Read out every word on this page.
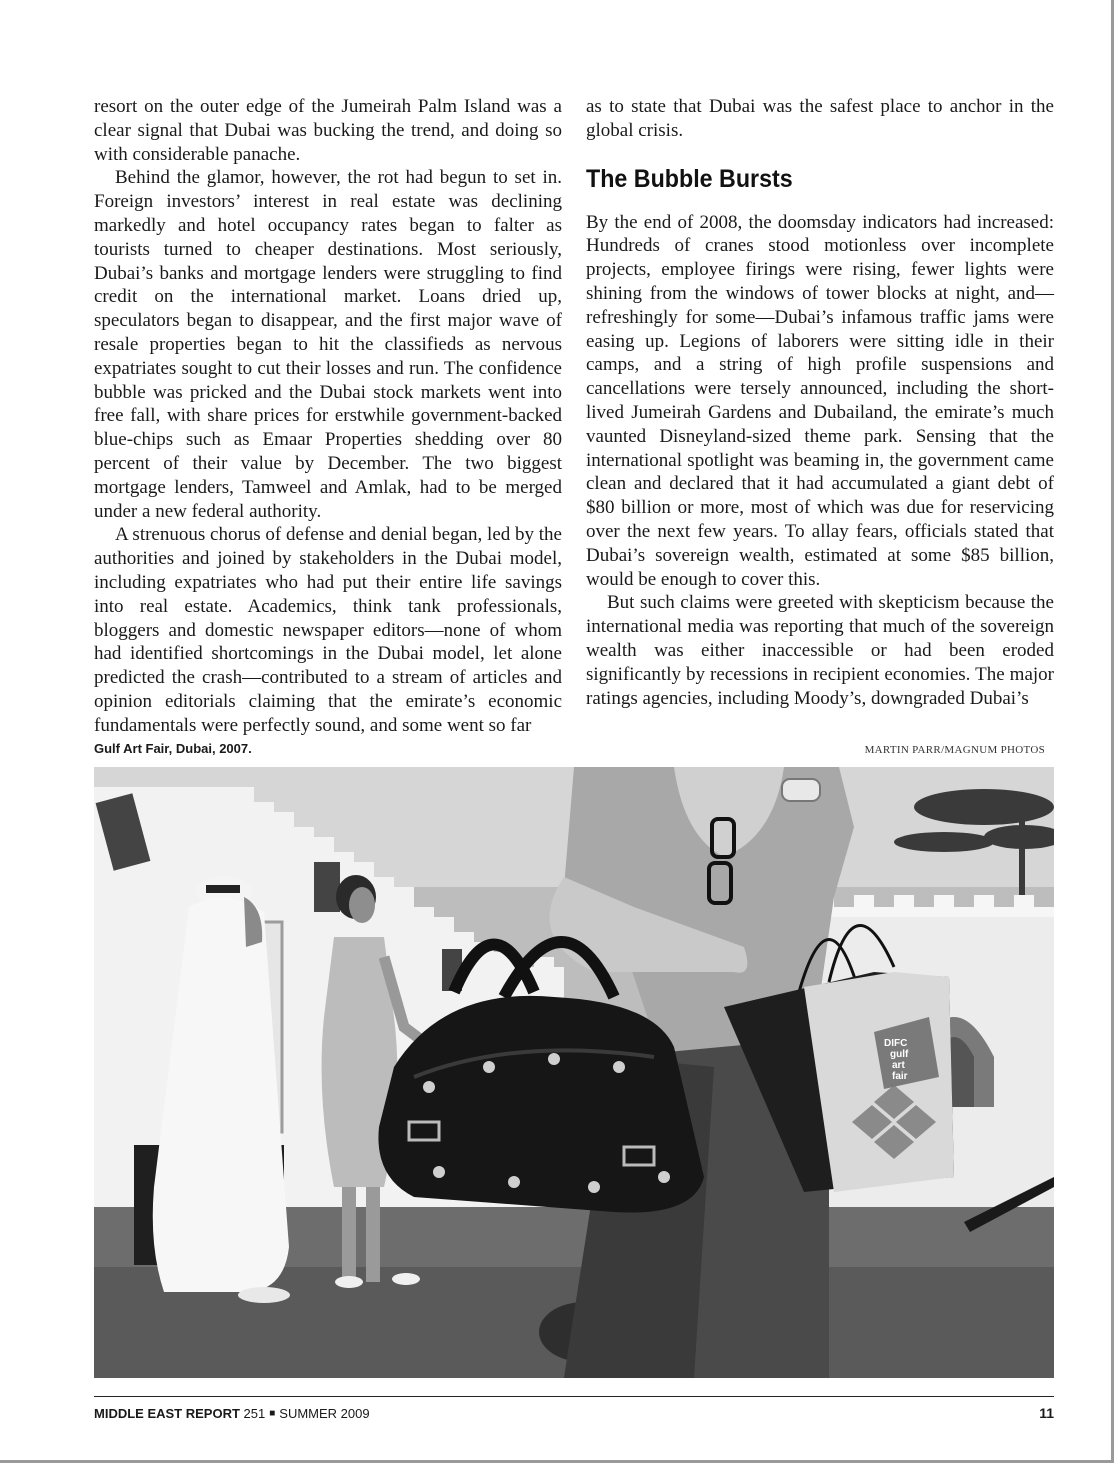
resort on the outer edge of the Jumeirah Palm Island was a clear signal that Dubai was bucking the trend, and doing so with considerable panache.

Behind the glamor, however, the rot had begun to set in. Foreign investors’ interest in real estate was declining markedly and hotel occupancy rates began to falter as tourists turned to cheaper destinations. Most seriously, Dubai’s banks and mortgage lenders were struggling to find credit on the international market. Loans dried up, speculators began to disappear, and the first major wave of resale properties began to hit the classifieds as nervous expatriates sought to cut their losses and run. The confidence bubble was pricked and the Dubai stock markets went into free fall, with share prices for erstwhile government-backed blue-chips such as Emaar Properties shedding over 80 percent of their value by December. The two biggest mortgage lenders, Tamweel and Amlak, had to be merged under a new federal authority.

A strenuous chorus of defense and denial began, led by the authorities and joined by stakeholders in the Dubai model, including expatriates who had put their entire life savings into real estate. Academics, think tank professionals, bloggers and domestic newspaper editors—none of whom had identified shortcomings in the Dubai model, let alone predicted the crash—contributed to a stream of articles and opinion editorials claiming that the emirate’s economic fundamentals were perfectly sound, and some went so far

as to state that Dubai was the safest place to anchor in the global crisis.

The Bubble Bursts

By the end of 2008, the doomsday indicators had increased: Hundreds of cranes stood motionless over incomplete projects, employee firings were rising, fewer lights were shining from the windows of tower blocks at night, and—refreshingly for some—Dubai’s infamous traffic jams were easing up. Legions of laborers were sitting idle in their camps, and a string of high profile suspensions and cancellations were tersely announced, including the short-lived Jumeirah Gardens and Dubailand, the emirate’s much vaunted Disneyland-sized theme park. Sensing that the international spotlight was beaming in, the government came clean and declared that it had accumulated a giant debt of $80 billion or more, most of which was due for reservicing over the next few years. To allay fears, officials stated that Dubai’s sovereign wealth, estimated at some $85 billion, would be enough to cover this.

But such claims were greeted with skepticism because the international media was reporting that much of the sovereign wealth was either inaccessible or had been eroded significantly by recessions in recipient economies. The major ratings agencies, including Moody’s, downgraded Dubai’s

Gulf Art Fair, Dubai, 2007.	MARTIN PARR/MAGNUM PHOTOS
DIFC
gulf
art
fair
MIDDLE EAST REPORT
251 ■ SUMMER 2009	11
